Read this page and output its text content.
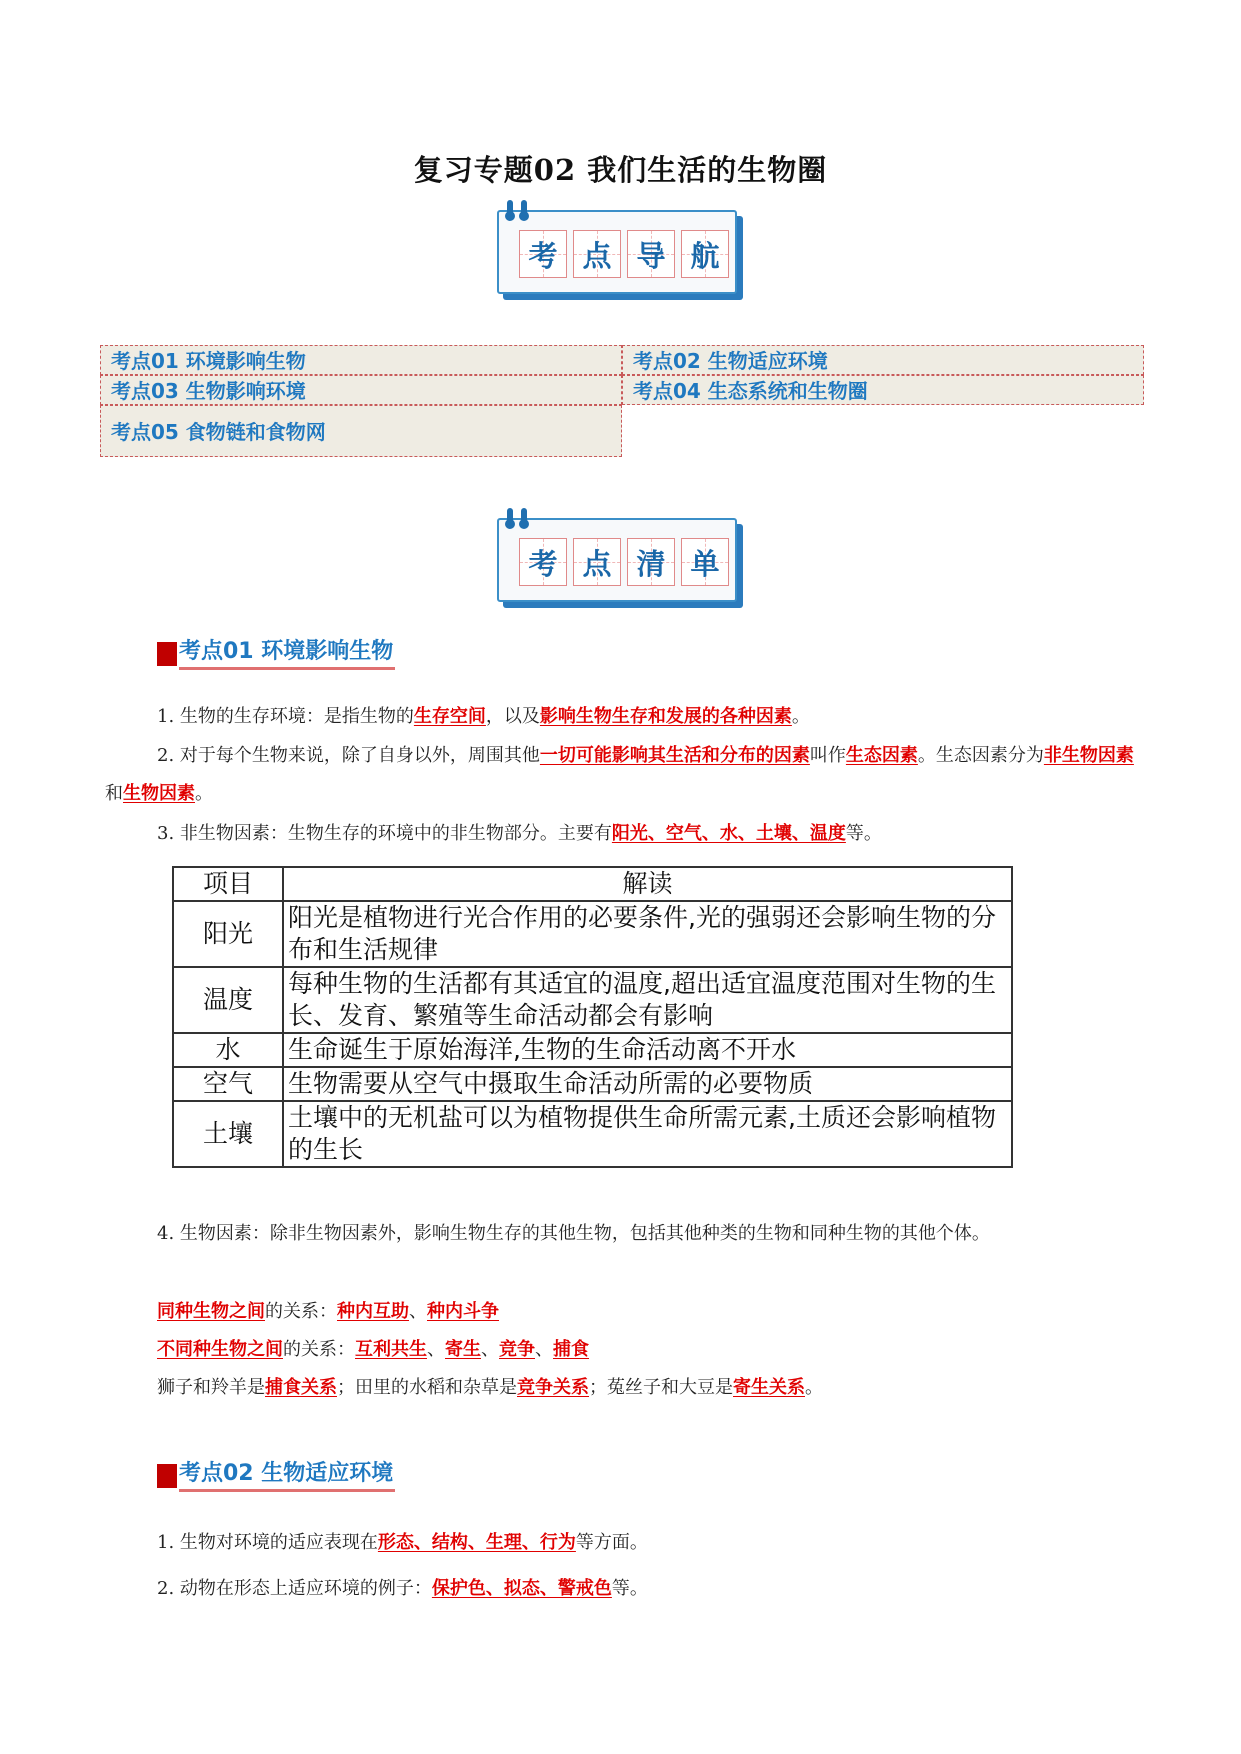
复习专题02 我们生活的生物圈
考 点 导 航
考点01 环境影响生物	考点02 生物适应环境
考点03 生物影响环境	考点04 生态系统和生物圈
考点05 食物链和食物网
考 点 清 单
考点01 环境影响生物
1. 生物的生存环境：是指生物的生存空间，以及影响生物生存和发展的各种因素。
2. 对于每个生物来说，除了自身以外，周围其他一切可能影响其生活和分布的因素叫作生态因素。生态因素分为非生物因素和生物因素。
3. 非生物因素：生物生存的环境中的非生物部分。主要有阳光、空气、水、土壤、温度等。
项目	解读
阳光	阳光是植物进行光合作用的必要条件,光的强弱还会影响生物的分布和生活规律
温度	每种生物的生活都有其适宜的温度,超出适宜温度范围对生物的生长、发育、繁殖等生命活动都会有影响
水	生命诞生于原始海洋,生物的生命活动离不开水
空气	生物需要从空气中摄取生命活动所需的必要物质
土壤	土壤中的无机盐可以为植物提供生命所需元素,土质还会影响植物的生长
4. 生物因素：除非生物因素外，影响生物生存的其他生物，包括其他种类的生物和同种生物的其他个体。
同种生物之间的关系：种内互助、种内斗争
不同种生物之间的关系：互利共生、寄生、竞争、捕食
狮子和羚羊是捕食关系；田里的水稻和杂草是竞争关系；菟丝子和大豆是寄生关系。
考点02 生物适应环境
1. 生物对环境的适应表现在形态、结构、生理、行为等方面。
2. 动物在形态上适应环境的例子：保护色、拟态、警戒色等。
